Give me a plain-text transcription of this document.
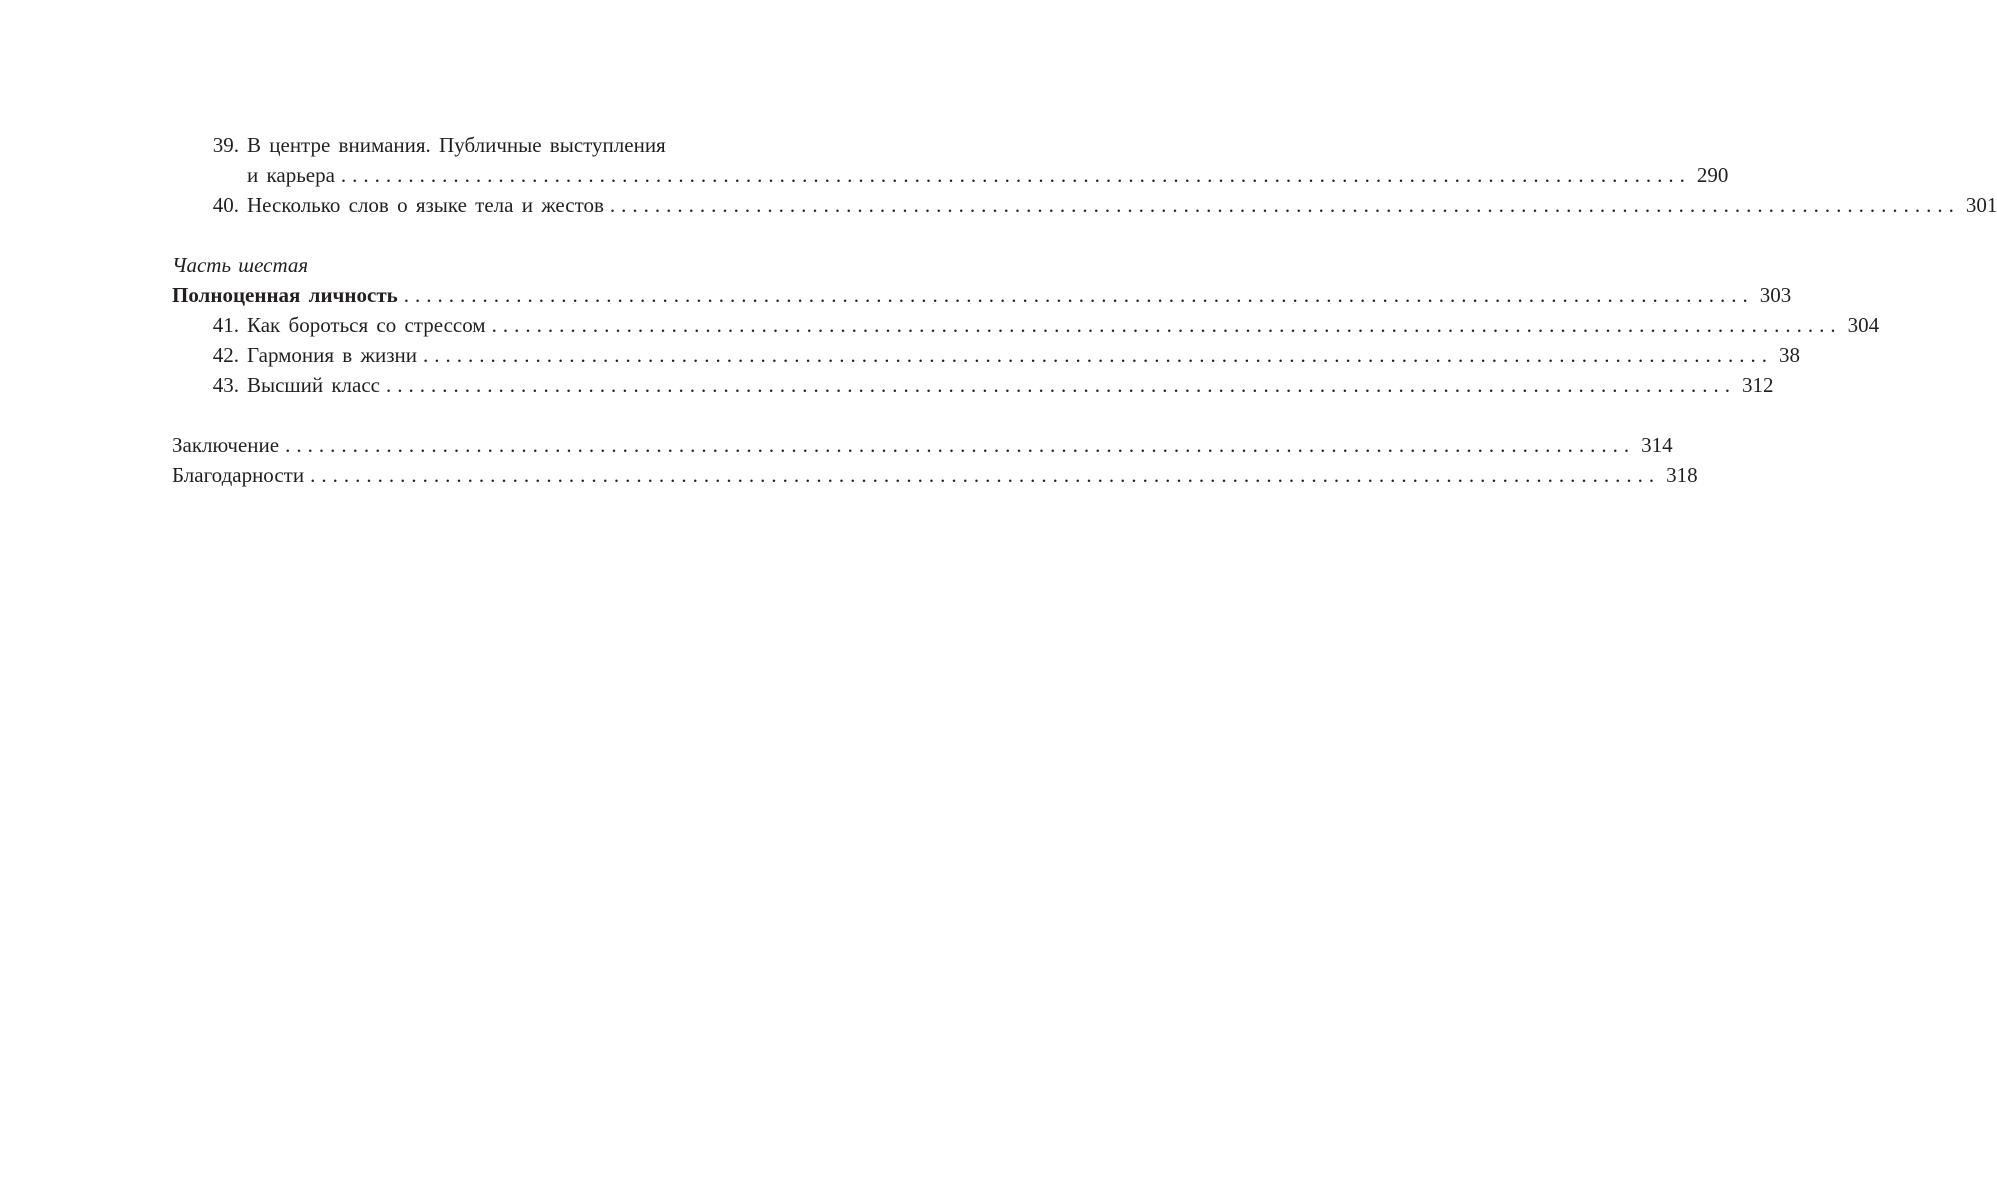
39. В центре внимания. Публичные выступления
и карьера ........................................................................................................................ 290
40. Несколько слов о языке тела и жестов ........................................................................................................................ 301
Часть шестая
Полноценная личность ........................................................................................................................ 303
41. Как бороться со стрессом ........................................................................................................................ 304
42. Гармония в жизни ........................................................................................................................ 38
43. Высший класс ........................................................................................................................ 312
Заключение ........................................................................................................................ 314
Благодарности ........................................................................................................................ 318
